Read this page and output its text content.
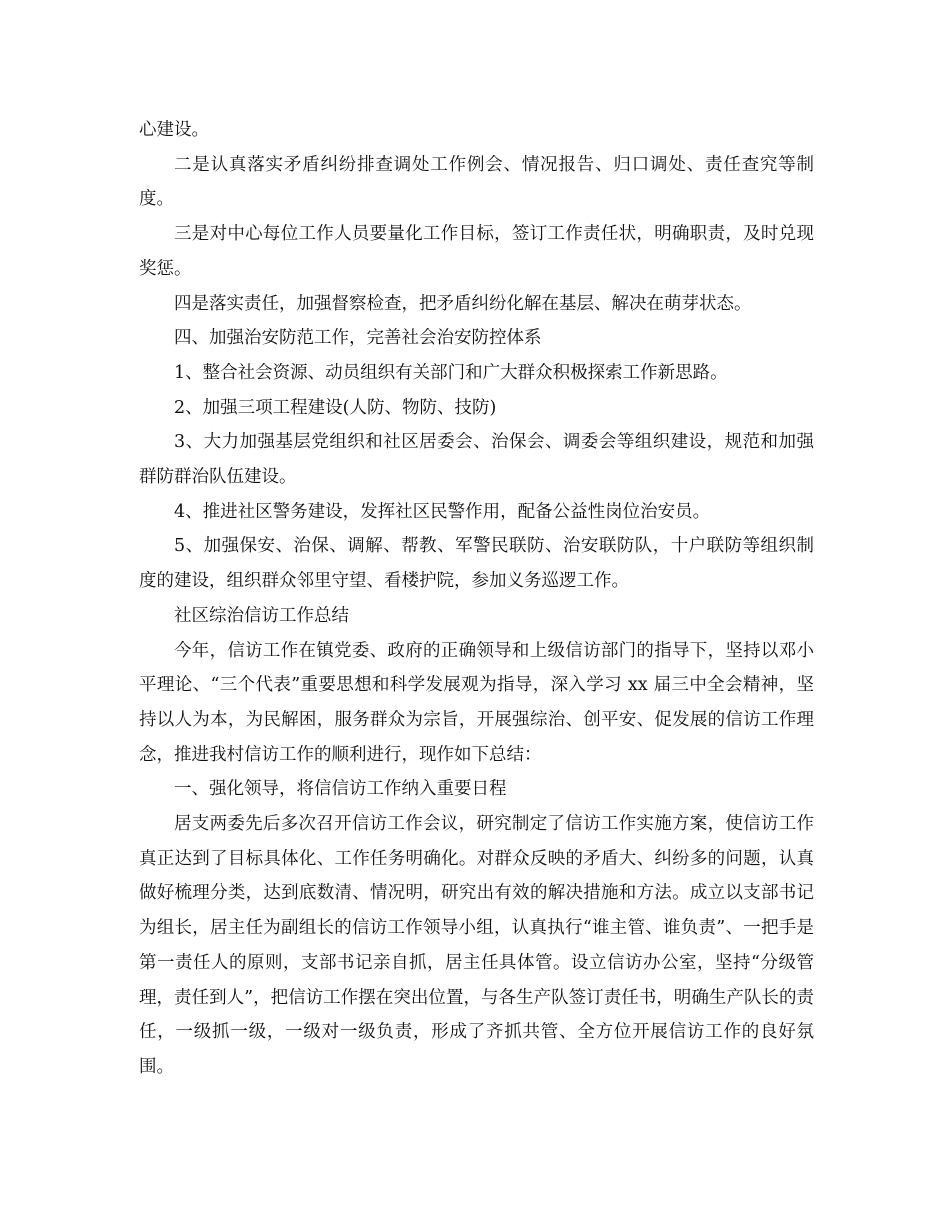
心建设。

二是认真落实矛盾纠纷排查调处工作例会、情况报告、归口调处、责任查究等制度。

三是对中心每位工作人员要量化工作目标，签订工作责任状，明确职责，及时兑现奖惩。

四是落实责任，加强督察检查，把矛盾纠纷化解在基层、解决在萌芽状态。

四、加强治安防范工作，完善社会治安防控体系

1、整合社会资源、动员组织有关部门和广大群众积极探索工作新思路。

2、加强三项工程建设(人防、物防、技防)

3、大力加强基层党组织和社区居委会、治保会、调委会等组织建设，规范和加强群防群治队伍建设。

4、推进社区警务建设，发挥社区民警作用，配备公益性岗位治安员。

5、加强保安、治保、调解、帮教、军警民联防、治安联防队，十户联防等组织制度的建设，组织群众邻里守望、看楼护院，参加义务巡逻工作。

社区综治信访工作总结

今年，信访工作在镇党委、政府的正确领导和上级信访部门的指导下，坚持以邓小平理论、“三个代表”重要思想和科学发展观为指导，深入学习 xx 届三中全会精神，坚持以人为本，为民解困，服务群众为宗旨，开展强综治、创平安、促发展的信访工作理念，推进我村信访工作的顺利进行，现作如下总结：

一、强化领导，将信信访工作纳入重要日程

居支两委先后多次召开信访工作会议，研究制定了信访工作实施方案，使信访工作真正达到了目标具体化、工作任务明确化。对群众反映的矛盾大、纠纷多的问题，认真做好梳理分类，达到底数清、情况明，研究出有效的解决措施和方法。成立以支部书记为组长，居主任为副组长的信访工作领导小组，认真执行“谁主管、谁负责”、一把手是第一责任人的原则，支部书记亲自抓，居主任具体管。设立信访办公室，坚持“分级管理，责任到人”，把信访工作摆在突出位置，与各生产队签订责任书，明确生产队长的责任，一级抓一级，一级对一级负责，形成了齐抓共管、全方位开展信访工作的良好氛围。
